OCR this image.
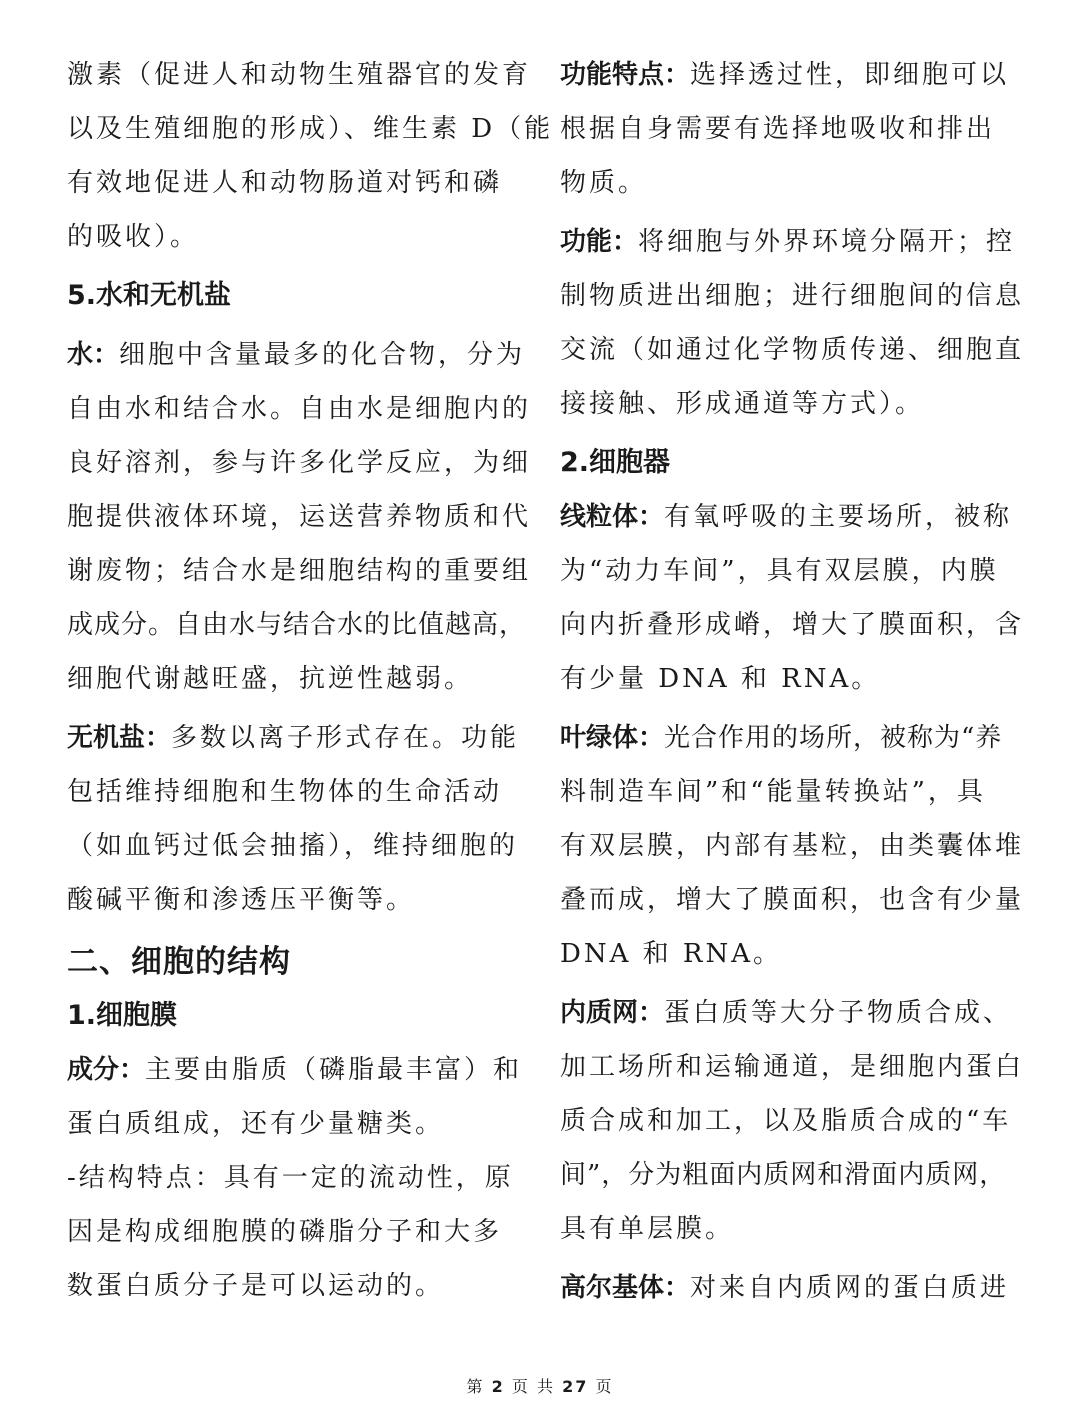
激素（促进人和动物生殖器官的发育
以及生殖细胞的形成）、维生素 D（能
有效地促进人和动物肠道对钙和磷
的吸收）。
5.水和无机盐
水：细胞中含量最多的化合物，分为
自由水和结合水。自由水是细胞内的
良好溶剂，参与许多化学反应，为细
胞提供液体环境，运送营养物质和代
谢废物；结合水是细胞结构的重要组
成成分。自由水与结合水的比值越高，
细胞代谢越旺盛，抗逆性越弱。
无机盐：多数以离子形式存在。功能
包括维持细胞和生物体的生命活动
（如血钙过低会抽搐），维持细胞的
酸碱平衡和渗透压平衡等。
二、细胞的结构
1.细胞膜
成分：主要由脂质（磷脂最丰富）和
蛋白质组成，还有少量糖类。
-结构特点：具有一定的流动性，原
因是构成细胞膜的磷脂分子和大多
数蛋白质分子是可以运动的。
功能特点：选择透过性，即细胞可以
根据自身需要有选择地吸收和排出
物质。
功能：将细胞与外界环境分隔开；控
制物质进出细胞；进行细胞间的信息
交流（如通过化学物质传递、细胞直
接接触、形成通道等方式）。
2.细胞器
线粒体：有氧呼吸的主要场所，被称
为“动力车间”，具有双层膜，内膜
向内折叠形成嵴，增大了膜面积，含
有少量 DNA 和 RNA。
叶绿体：光合作用的场所，被称为“养
料制造车间”和“能量转换站”，具
有双层膜，内部有基粒，由类囊体堆
叠而成，增大了膜面积，也含有少量
DNA 和 RNA。
内质网：蛋白质等大分子物质合成、
加工场所和运输通道，是细胞内蛋白
质合成和加工，以及脂质合成的“车
间”，分为粗面内质网和滑面内质网，
具有单层膜。
高尔基体：对来自内质网的蛋白质进
第 2 页 共 27 页
